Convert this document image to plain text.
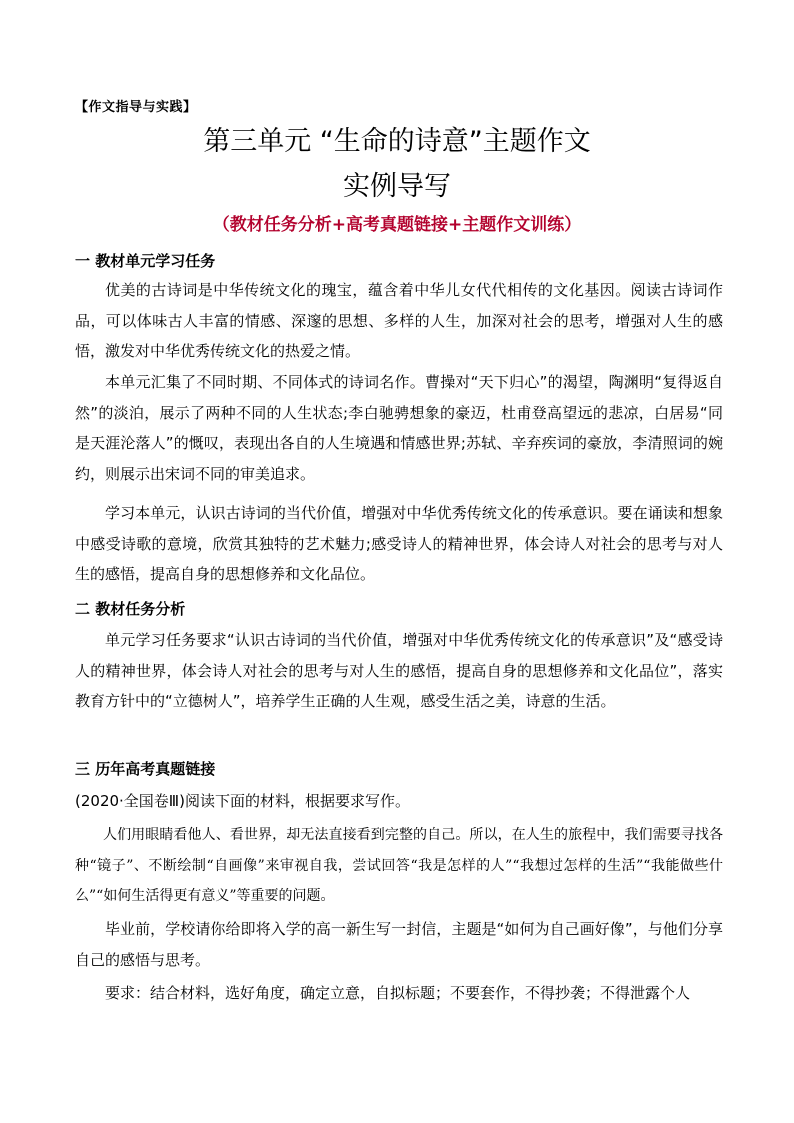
【作文指导与实践】
第三单元 “生命的诗意”主题作文
实例导写
（教材任务分析+高考真题链接+主题作文训练）
一 教材单元学习任务
优美的古诗词是中华传统文化的瑰宝，蕴含着中华儿女代代相传的文化基因。阅读古诗词作品，可以体味古人丰富的情感、深邃的思想、多样的人生，加深对社会的思考，增强对人生的感悟，激发对中华优秀传统文化的热爱之情。
本单元汇集了不同时期、不同体式的诗词名作。曹操对“天下归心”的渴望，陶渊明“复得返自然”的淡泊，展示了两种不同的人生状态;李白驰骋想象的豪迈，杜甫登高望远的悲凉，白居易“同是天涯沦落人”的慨叹，表现出各自的人生境遇和情感世界;苏轼、辛弃疾词的豪放，李清照词的婉约，则展示出宋词不同的审美追求。
学习本单元，认识古诗词的当代价值，增强对中华优秀传统文化的传承意识。要在诵读和想象中感受诗歌的意境，欣赏其独特的艺术魅力;感受诗人的精神世界，体会诗人对社会的思考与对人生的感悟，提高自身的思想修养和文化品位。
二 教材任务分析
单元学习任务要求“认识古诗词的当代价值，增强对中华优秀传统文化的传承意识”及“感受诗人的精神世界，体会诗人对社会的思考与对人生的感悟，提高自身的思想修养和文化品位”，落实教育方针中的“立德树人”，培养学生正确的人生观，感受生活之美，诗意的生活。
三 历年高考真题链接
(2020·全国卷Ⅲ)阅读下面的材料，根据要求写作。
人们用眼睛看他人、看世界，却无法直接看到完整的自己。所以，在人生的旅程中，我们需要寻找各种“镜子”、不断绘制“自画像”来审视自我，尝试回答“我是怎样的人”“我想过怎样的生活”“我能做些什么”“如何生活得更有意义”等重要的问题。
毕业前，学校请你给即将入学的高一新生写一封信，主题是“如何为自己画好像”，与他们分享自己的感悟与思考。
要求：结合材料，选好角度，确定立意，自拟标题；不要套作，不得抄袭；不得泄露个人
